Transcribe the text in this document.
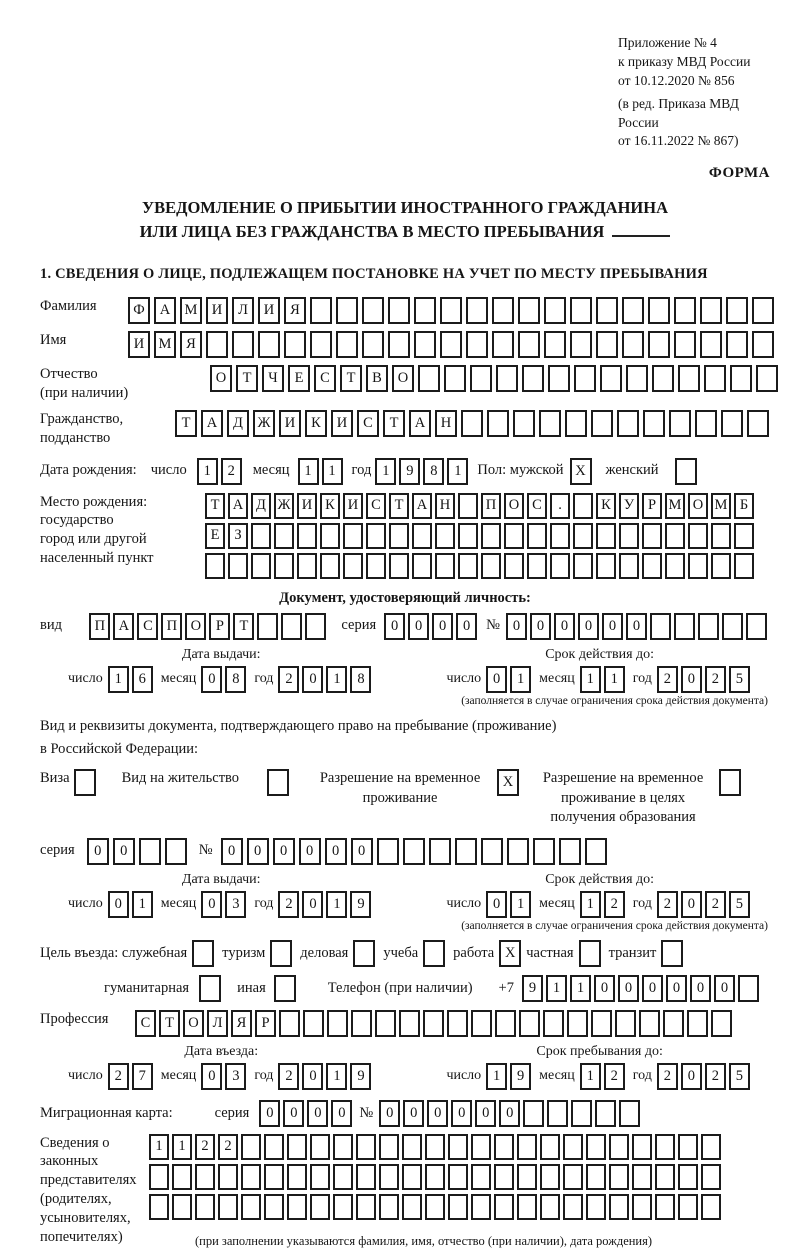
Приложение № 4
к приказу МВД России
от 10.12.2020 № 856
(в ред. Приказа МВД России
от 16.11.2022 № 867)
ФОРМА
УВЕДОМЛЕНИЕ О ПРИБЫТИИ ИНОСТРАННОГО ГРАЖДАНИНА
ИЛИ ЛИЦА БЕЗ ГРАЖДАНСТВА В МЕСТО ПРЕБЫВАНИЯ
1. СВЕДЕНИЯ О ЛИЦЕ, ПОДЛЕЖАЩЕМ ПОСТАНОВКЕ НА УЧЕТ ПО МЕСТУ ПРЕБЫВАНИЯ
Фамилия	Ф	А М И	Л	И	Я
Имя	И М	Я
Отчество
(при наличии)
О	Т	Ч	Е	С	Т	В	О
Гражданство,
подданство
Т	А	Д	Ж И	К	И	С	Т	А	Н
Дата рождения: число	1	2	месяц	1	1	год 1	9	8	1	Пол: мужской X	женский
Место рождения:
государство
город или другой
населенный пункт
Т А Д Ж И К И С Т А Н	П О С	.	К У Р М О М Б
Е	З
Документ, удостоверяющий личность:
вид	П А С П О	Р	Т	серия	0	0	0	0	№ 0	0	0	0	0	0
Дата выдачи:
число 1	6	месяц 0	8	год 2	0	1	8
Срок действия до:
число 0	1	месяц 1	1	год 2	0	2	5
(заполняется в случае ограничения срока действия документа)
Вид и реквизиты документа, подтверждающего право на пребывание (проживание)
в Российской Федерации:
Виза	Вид на жительство	Разрешение на временное проживание
X	Разрешение на временное проживание в целях получения образования
серия	0	0	№	0	0	0	0	0	0
Дата выдачи:
число 0	1	месяц 0	3	год 2	0	1	9
Срок действия до:
число 0	1	месяц 1	2	год 2	0	2	5
(заполняется в случае ограничения срока действия документа)
Цель въезда:
служебная туризм деловая учеба работа X частная транзит
гуманитарная	иная	Телефон (при наличии) +7	9	1	1	0	0	0	0	0	0
Профессия	С	Т О Л Я	Р
Дата въезда:
число 2	7	месяц 0	3	год 2	0	1	9
Срок пребывания до:
число 1	9	месяц 1	2	год 2	0	2	5
Миграционная карта:	серия	0	0	0	0 № 0	0	0	0	0	0
Сведения о
законных
представителях
(родителях,
усыновителях,
попечителях)
1	1	2	2
(при заполнении указываются фамилия, имя, отчество (при наличии), дата рождения)
